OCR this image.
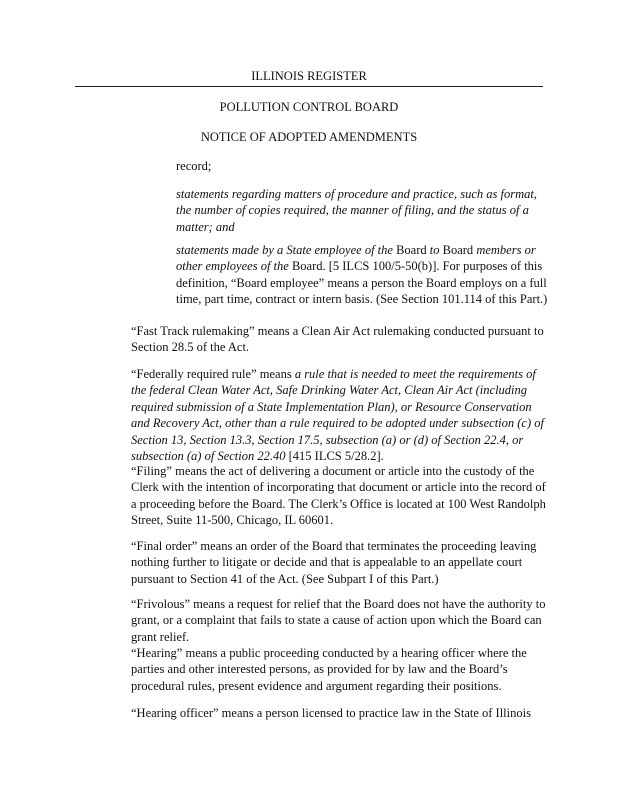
ILLINOIS REGISTER
POLLUTION CONTROL BOARD
NOTICE OF ADOPTED AMENDMENTS

record;

statements regarding matters of procedure and practice, such as format, the number of copies required, the manner of filing, and the status of a matter; and

statements made by a State employee of the Board to Board members or other employees of the Board. [5 ILCS 100/5-50(b)]. For purposes of this definition, “Board employee” means a person the Board employs on a full time, part time, contract or intern basis. (See Section 101.114 of this Part.)

“Fast Track rulemaking” means a Clean Air Act rulemaking conducted pursuant to Section 28.5 of the Act.

“Federally required rule” means a rule that is needed to meet the requirements of the federal Clean Water Act, Safe Drinking Water Act, Clean Air Act (including required submission of a State Implementation Plan), or Resource Conservation and Recovery Act, other than a rule required to be adopted under subsection (c) of Section 13, Section 13.3, Section 17.5, subsection (a) or (d) of Section 22.4, or subsection (a) of Section 22.40 [415 ILCS 5/28.2].

“Filing” means the act of delivering a document or article into the custody of the Clerk with the intention of incorporating that document or article into the record of a proceeding before the Board. The Clerk’s Office is located at 100 West Randolph Street, Suite 11-500, Chicago, IL 60601.

“Final order” means an order of the Board that terminates the proceeding leaving nothing further to litigate or decide and that is appealable to an appellate court pursuant to Section 41 of the Act. (See Subpart I of this Part.)

“Frivolous” means a request for relief that the Board does not have the authority to grant, or a complaint that fails to state a cause of action upon which the Board can grant relief.

“Hearing” means a public proceeding conducted by a hearing officer where the parties and other interested persons, as provided for by law and the Board’s procedural rules, present evidence and argument regarding their positions.

“Hearing officer” means a person licensed to practice law in the State of Illinois
